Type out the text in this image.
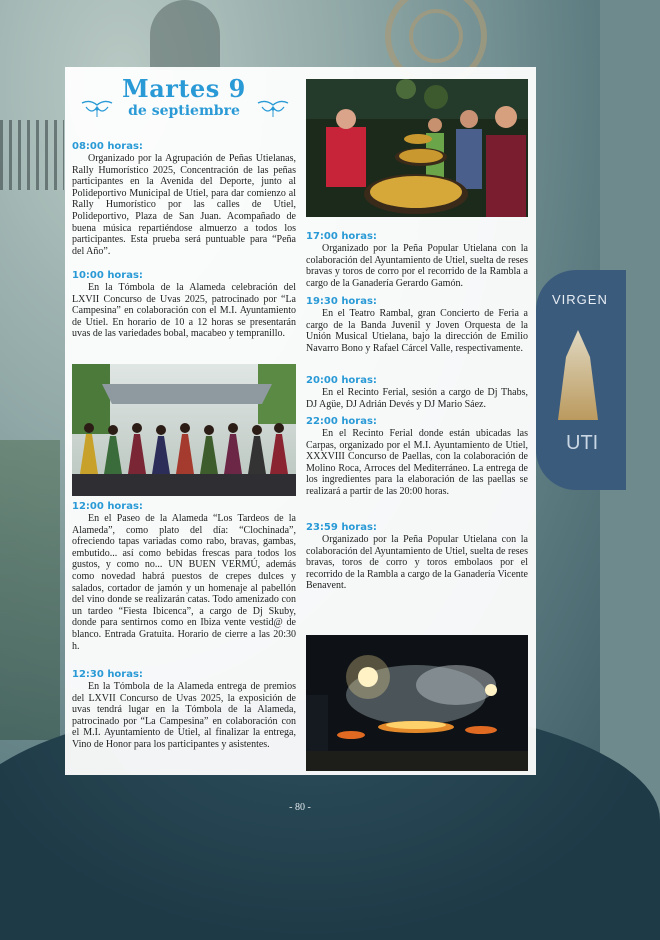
VIRGEN
UTI
Martes 9
de septiembre

08:00 horas:

Organizado por la Agrupación de Peñas Utielanas, Rally Humorístico 2025, Concentración de las peñas participantes en la Avenida del Deporte, junto al Polideportivo Municipal de Utiel, para dar comienzo al Rally Humorístico por las calles de Utiel, Polideportivo, Plaza de San Juan. Acompañado de buena música repartiéndose almuerzo a todos los participantes. Esta prueba será puntuable para “Peña del Año”.

10:00 horas:

En la Tómbola de la Alameda celebración del LXVII Concurso de Uvas 2025, patrocinado por “La Campesina” en colaboración con el M.I. Ayuntamiento de Utiel. En horario de 10 a 12 horas se presentarán uvas de las variedades bobal, macabeo y tempranillo.

12:00 horas:

En el Paseo de la Alameda “Los Tardeos de la Alameda”, como plato del día: “Clochinada”, ofreciendo tapas variadas como rabo, bravas, gambas, embutido... así como bebidas frescas para todos los gustos, y como no... UN BUEN VERMÚ, además como novedad habrá puestos de crepes dulces y salados, cortador de jamón y un homenaje al pabellón del vino donde se realizarán catas. Todo amenizado con un tardeo “Fiesta Ibicenca”, a cargo de Dj Skuby, donde para sentirnos como en Ibiza vente vestid@ de blanco. Entrada Gratuita. Horario de cierre a las 20:30 h.

12:30 horas:

En la Tómbola de la Alameda entrega de premios del LXVII Concurso de Uvas 2025, la exposición de uvas tendrá lugar en la Tómbola de la Alameda, patrocinado por “La Campesina” en colaboración con el M.I. Ayuntamiento de Utiel, al finalizar la entrega, Vino de Honor para los participantes y asistentes.

17:00 horas:

Organizado por la Peña Popular Utielana con la colaboración del Ayuntamiento de Utiel, suelta de reses bravas y toros de corro por el recorrido de la Rambla a cargo de la Ganadería Gerardo Gamón.

19:30 horas:

En el Teatro Rambal, gran Concierto de Feria a cargo de la Banda Juvenil y Joven Orquesta de la Unión Musical Utielana, bajo la dirección de Emilio Navarro Bono y Rafael Cárcel Valle, respectivamente.

20:00 horas:

En el Recinto Ferial, sesión a cargo de Dj Thabs, DJ Agüe, DJ Adrián Devés y DJ Mario Sáez.

22:00 horas:

En el Recinto Ferial donde están ubicadas las Carpas, organizado por el M.I. Ayuntamiento de Utiel, XXXVIII Concurso de Paellas, con la colaboración de Molino Roca, Arroces del Mediterráneo. La entrega de los ingredientes para la elaboración de las paellas se realizará a partir de las 20:00 horas.

23:59 horas:

Organizado por la Peña Popular Utielana con la colaboración del Ayuntamiento de Utiel, suelta de reses bravas, toros de corro y toros embolaos por el recorrido de la Rambla a cargo de la Ganadería Vicente Benavent.

- 80 -
